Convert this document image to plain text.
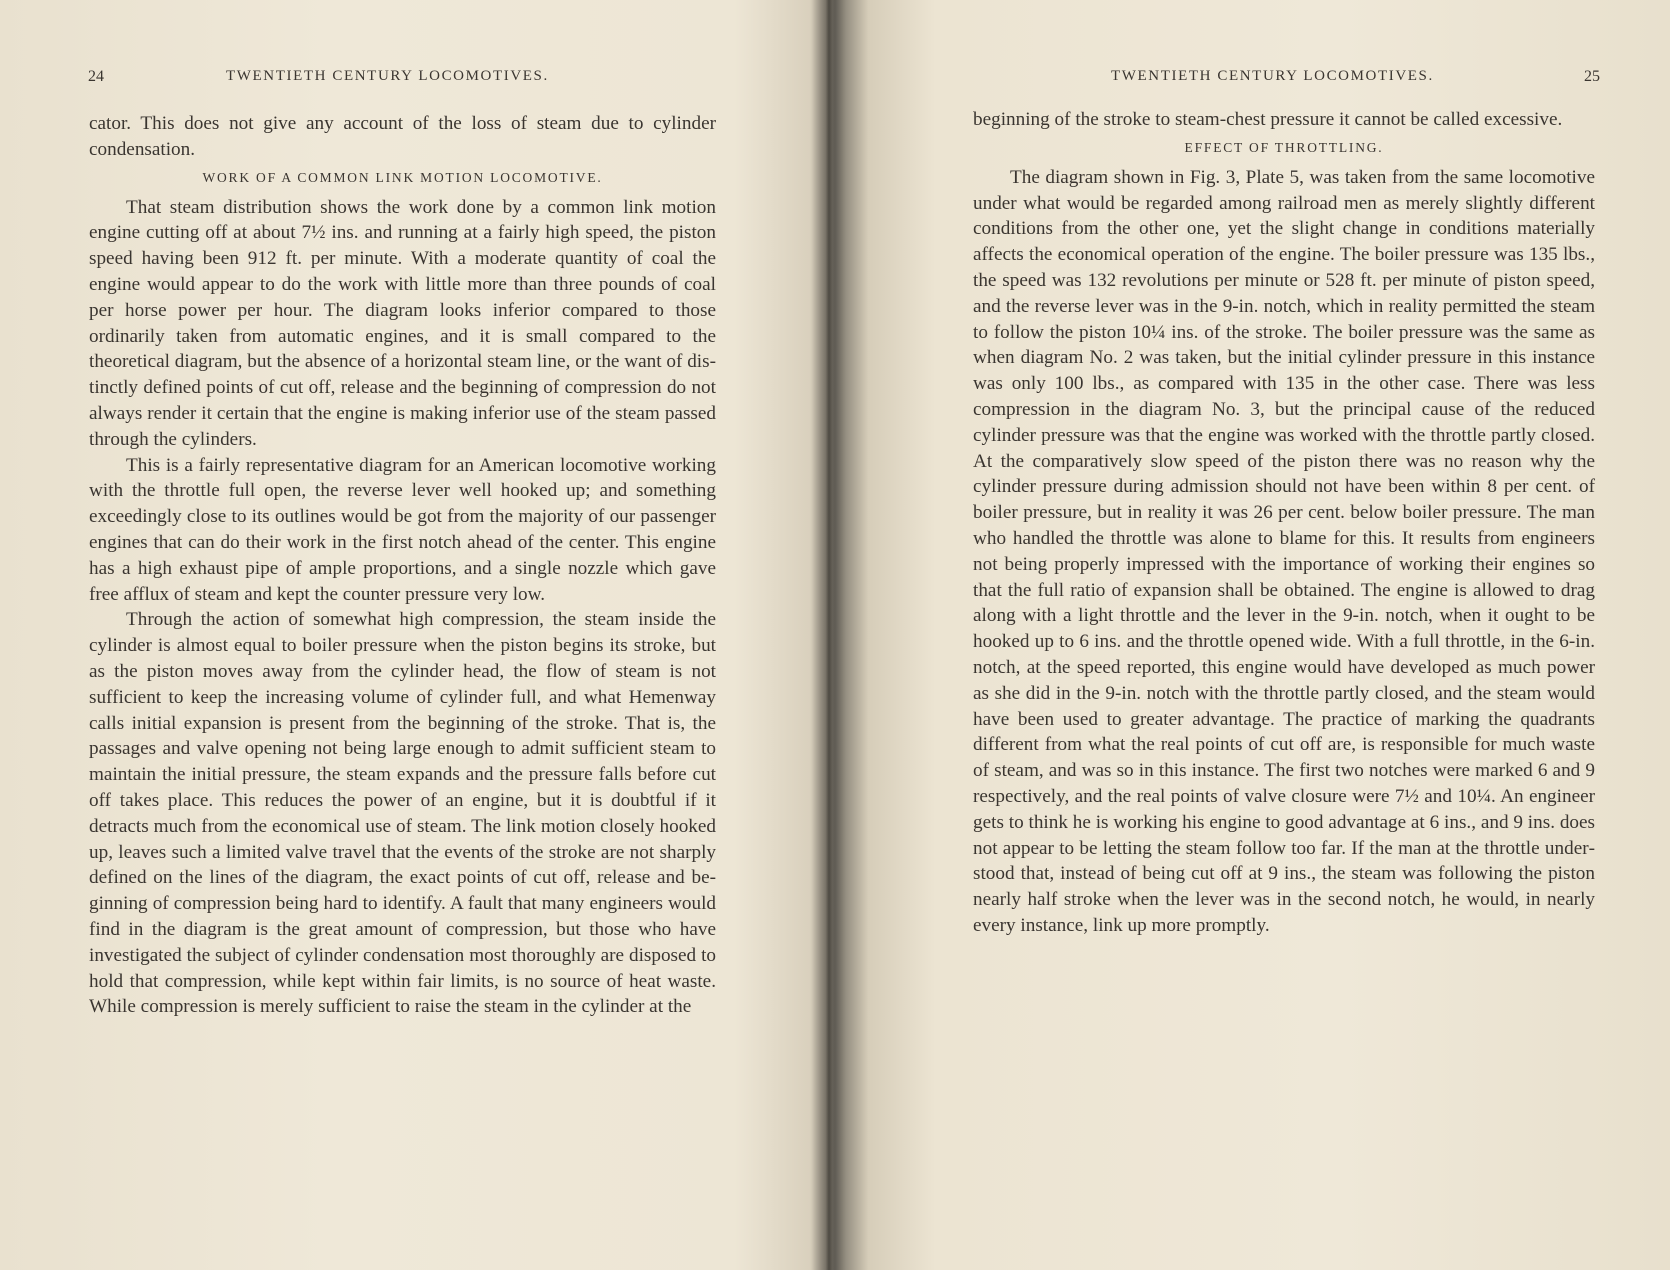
24	TWENTIETH CENTURY LOCOMOTIVES.

cator. This does not give any account of the loss of steam due to cylinder condensation.

WORK OF A COMMON LINK MOTION LOCOMOTIVE.

That steam distribution shows the work done by a common link motion engine cutting off at about 7½ ins. and running at a fairly high speed, the piston speed having been 912 ft. per minute. With a moderate quantity of coal the engine would appear to do the work with little more than three pounds of coal per horse power per hour. The diagram looks inferior compared to those ordinarily taken from automatic engines, and it is small compared to the theoretical diagram, but the absence of a horizontal steam line, or the want of distinctly defined points of cut off, release and the beginning of compression do not always render it certain that the engine is making inferior use of the steam passed through the cylinders.

This is a fairly representative diagram for an American locomotive working with the throttle full open, the reverse lever well hooked up; and something exceedingly close to its outlines would be got from the majority of our passenger engines that can do their work in the first notch ahead of the center. This engine has a high exhaust pipe of ample proportions, and a single nozzle which gave free afflux of steam and kept the counter pressure very low.

Through the action of somewhat high compression, the steam inside the cylinder is almost equal to boiler pressure when the piston begins its stroke, but as the piston moves away from the cylinder head, the flow of steam is not sufficient to keep the increasing volume of cylinder full, and what Hemenway calls initial expansion is present from the beginning of the stroke. That is, the passages and valve opening not being large enough to admit sufficient steam to maintain the initial pressure, the steam expands and the pressure falls before cut off takes place. This reduces the power of an engine, but it is doubtful if it detracts much from the economical use of steam. The link motion closely hooked up, leaves such a limited valve travel that the events of the stroke are not sharply defined on the lines of the diagram, the exact points of cut off, release and beginning of compression being hard to identify. A fault that many engineers would find in the diagram is the great amount of compression, but those who have investigated the subject of cylinder condensation most thoroughly are disposed to hold that compression, while kept within fair limits, is no source of heat waste. While compression is merely sufficient to raise the steam in the cylinder at the

TWENTIETH CENTURY LOCOMOTIVES.	25

beginning of the stroke to steam-chest pressure it cannot be called excessive.

EFFECT OF THROTTLING.

The diagram shown in Fig. 3, Plate 5, was taken from the same locomotive under what would be regarded among railroad men as merely slightly different conditions from the other one, yet the slight change in conditions materially affects the economical operation of the engine. The boiler pressure was 135 lbs., the speed was 132 revolutions per minute or 528 ft. per minute of piston speed, and the reverse lever was in the 9-in. notch, which in reality permitted the steam to follow the piston 10¼ ins. of the stroke. The boiler pressure was the same as when diagram No. 2 was taken, but the initial cylinder pressure in this instance was only 100 lbs., as compared with 135 in the other case. There was less compression in the diagram No. 3, but the principal cause of the reduced cylinder pressure was that the engine was worked with the throttle partly closed. At the comparatively slow speed of the piston there was no reason why the cylinder pressure during admission should not have been within 8 per cent. of boiler pressure, but in reality it was 26 per cent. below boiler pressure. The man who handled the throttle was alone to blame for this. It results from engineers not being properly impressed with the importance of working their engines so that the full ratio of expansion shall be obtained. The engine is allowed to drag along with a light throttle and the lever in the 9-in. notch, when it ought to be hooked up to 6 ins. and the throttle opened wide. With a full throttle, in the 6-in. notch, at the speed reported, this engine would have developed as much power as she did in the 9-in. notch with the throttle partly closed, and the steam would have been used to greater advantage. The practice of marking the quadrants different from what the real points of cut off are, is responsible for much waste of steam, and was so in this instance. The first two notches were marked 6 and 9 respectively, and the real points of valve closure were 7½ and 10¼. An engineer gets to think he is working his engine to good advantage at 6 ins., and 9 ins. does not appear to be letting the steam follow too far. If the man at the throttle understood that, instead of being cut off at 9 ins., the steam was following the piston nearly half stroke when the lever was in the second notch, he would, in nearly every instance, link up more promptly.
